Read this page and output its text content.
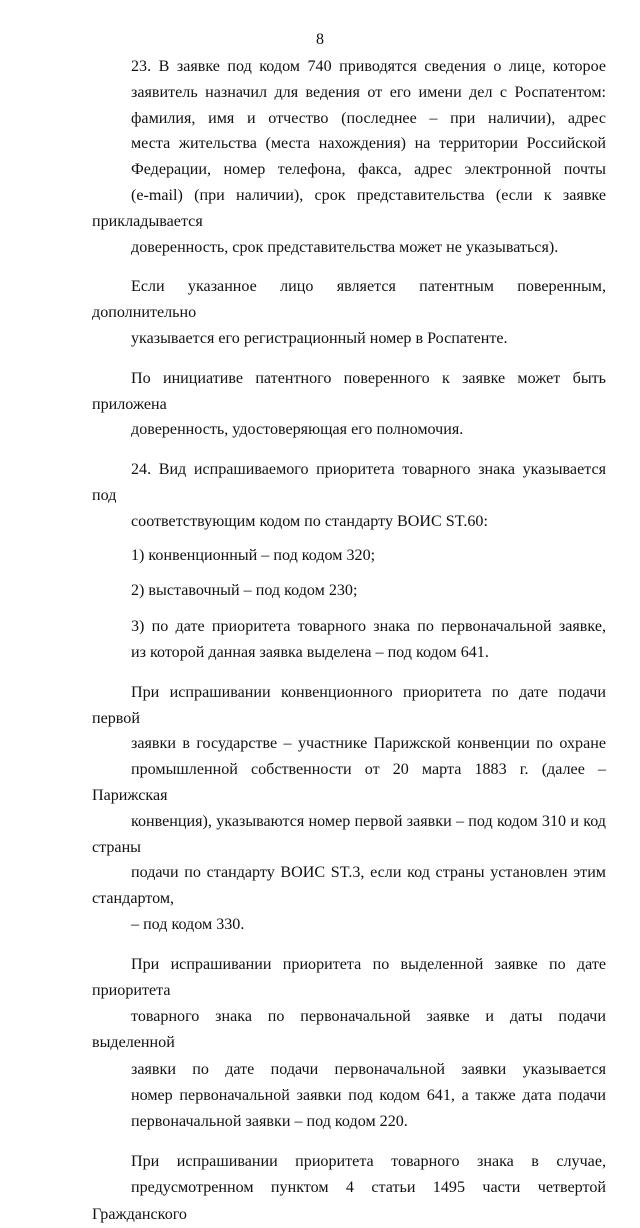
8

23. В заявке под кодом 740 приводятся сведения о лице, которое
заявитель назначил для ведения от его имени дел с Роспатентом:
фамилия, имя и отчество (последнее – при наличии), адрес
места жительства (места нахождения) на территории Российской
Федерации, номер телефона, факса, адрес электронной почты
(e-mail) (при наличии), срок представительства (если к заявке прикладывается
доверенность, срок представительства может не указываться).

Если указанное лицо является патентным поверенным, дополнительно
указывается его регистрационный номер в Роспатенте.

По инициативе патентного поверенного к заявке может быть приложена
доверенность, удостоверяющая его полномочия.

24. Вид испрашиваемого приоритета товарного знака указывается под
соответствующим кодом по стандарту ВОИС ST.60:

1) конвенционный – под кодом 320;

2) выставочный – под кодом 230;

3) по дате приоритета товарного знака по первоначальной заявке,
из которой данная заявка выделена – под кодом 641.

При испрашивании конвенционного приоритета по дате подачи первой
заявки в государстве – участнике Парижской конвенции по охране
промышленной собственности от 20 марта 1883 г. (далее – Парижская
конвенция), указываются номер первой заявки – под кодом 310 и код страны
подачи по стандарту ВОИС ST.3, если код страны установлен этим стандартом,
– под кодом 330.

При испрашивании приоритета по выделенной заявке по дате приоритета
товарного знака по первоначальной заявке и даты подачи выделенной
заявки по дате подачи первоначальной заявки указывается
номер первоначальной заявки под кодом 641, а также дата подачи
первоначальной заявки – под кодом 220.

При испрашивании приоритета товарного знака в случае,
предусмотренном пунктом 4 статьи 1495 части четвертой Гражданского
